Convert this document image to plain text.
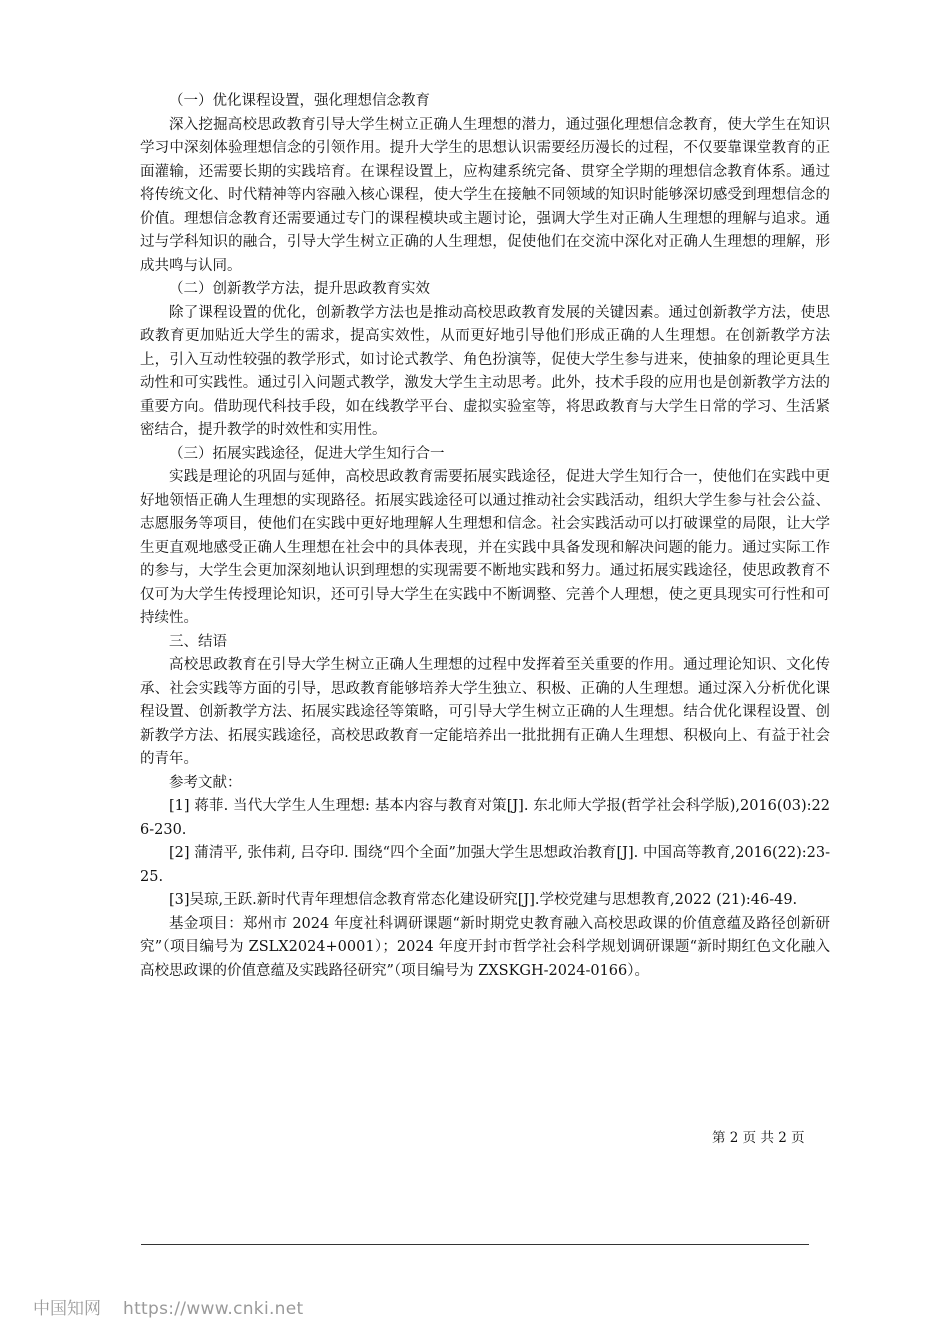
（一）优化课程设置，强化理想信念教育

深入挖掘高校思政教育引导大学生树立正确人生理想的潜力，通过强化理想信念教育，使大学生在知识学习中深刻体验理想信念的引领作用。提升大学生的思想认识需要经历漫长的过程，不仅要靠课堂教育的正面灌输，还需要长期的实践培育。在课程设置上，应构建系统完备、贯穿全学期的理想信念教育体系。通过将传统文化、时代精神等内容融入核心课程，使大学生在接触不同领域的知识时能够深切感受到理想信念的价值。理想信念教育还需要通过专门的课程模块或主题讨论，强调大学生对正确人生理想的理解与追求。通过与学科知识的融合，引导大学生树立正确的人生理想，促使他们在交流中深化对正确人生理想的理解，形成共鸣与认同。

（二）创新教学方法，提升思政教育实效

除了课程设置的优化，创新教学方法也是推动高校思政教育发展的关键因素。通过创新教学方法，使思政教育更加贴近大学生的需求，提高实效性，从而更好地引导他们形成正确的人生理想。在创新教学方法上，引入互动性较强的教学形式，如讨论式教学、角色扮演等，促使大学生参与进来，使抽象的理论更具生动性和可实践性。通过引入问题式教学，激发大学生主动思考。此外，技术手段的应用也是创新教学方法的重要方向。借助现代科技手段，如在线教学平台、虚拟实验室等，将思政教育与大学生日常的学习、生活紧密结合，提升教学的时效性和实用性。

（三）拓展实践途径，促进大学生知行合一

实践是理论的巩固与延伸，高校思政教育需要拓展实践途径，促进大学生知行合一，使他们在实践中更好地领悟正确人生理想的实现路径。拓展实践途径可以通过推动社会实践活动，组织大学生参与社会公益、志愿服务等项目，使他们在实践中更好地理解人生理想和信念。社会实践活动可以打破课堂的局限，让大学生更直观地感受正确人生理想在社会中的具体表现，并在实践中具备发现和解决问题的能力。通过实际工作的参与，大学生会更加深刻地认识到理想的实现需要不断地实践和努力。通过拓展实践途径，使思政教育不仅可为大学生传授理论知识，还可引导大学生在实践中不断调整、完善个人理想，使之更具现实可行性和可持续性。

三、结语

高校思政教育在引导大学生树立正确人生理想的过程中发挥着至关重要的作用。通过理论知识、文化传承、社会实践等方面的引导，思政教育能够培养大学生独立、积极、正确的人生理想。通过深入分析优化课程设置、创新教学方法、拓展实践途径等策略，可引导大学生树立正确的人生理想。结合优化课程设置、创新教学方法、拓展实践途径，高校思政教育一定能培养出一批批拥有正确人生理想、积极向上、有益于社会的青年。

参考文献：

[1] 蒋菲. 当代大学生人生理想: 基本内容与教育对策[J]. 东北师大学报(哲学社会科学版),2016(03):226-230.

[2] 蒲清平, 张伟莉, 吕夺印. 围绕“四个全面”加强大学生思想政治教育[J]. 中国高等教育,2016(22):23-25.

[3]吴琼,王跃.新时代青年理想信念教育常态化建设研究[J].学校党建与思想教育,2022 (21):46-49.

基金项目：郑州市 2024 年度社科调研课题“新时期党史教育融入高校思政课的价值意蕴及路径创新研究”（项目编号为 ZSLX2024+0001）；2024 年度开封市哲学社会科学规划调研课题“新时期红色文化融入高校思政课的价值意蕴及实践路径研究”（项目编号为 ZXSKGH-2024-0166）。

第 2 页 共 2 页
中国知网 https://www.cnki.net
